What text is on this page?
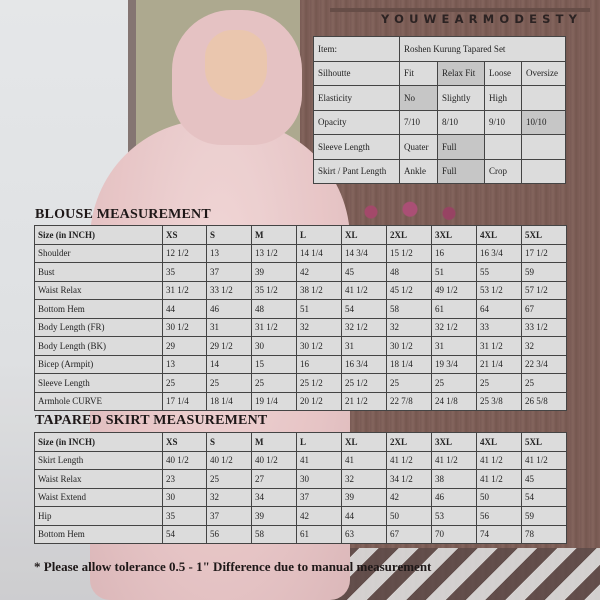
YOUWEARMODESTY
Item:	Roshen Kurung Tapared Set			
Silhoutte	Fit	Relax Fit	Loose	Oversize
Elasticity	No	Slightly	High	
Opacity	7/10	8/10	9/10	10/10
Sleeve Length	Quater	Full		
Skirt / Pant Length	Ankle	Full	Crop	
BLOUSE MEASUREMENT
Size (in INCH)	XS	S	M	L	XL	2XL	3XL	4XL	5XL
Shoulder	12 1/2	13	13 1/2	14 1/4	14 3/4	15 1/2	16	16 3/4	17 1/2
Bust	35	37	39	42	45	48	51	55	59
Waist Relax	31 1/2	33 1/2	35 1/2	38 1/2	41 1/2	45 1/2	49 1/2	53 1/2	57 1/2
Bottom Hem	44	46	48	51	54	58	61	64	67
Body Length (FR)	30 1/2	31	31 1/2	32	32 1/2	32	32 1/2	33	33 1/2
Body Length (BK)	29	29 1/2	30	30 1/2	31	30 1/2	31	31 1/2	32
Bicep (Armpit)	13	14	15	16	16 3/4	18 1/4	19 3/4	21 1/4	22 3/4
Sleeve Length	25	25	25	25 1/2	25 1/2	25	25	25	25
Armhole CURVE	17 1/4	18 1/4	19 1/4	20 1/2	21 1/2	22 7/8	24 1/8	25 3/8	26 5/8
TAPARED SKIRT MEASUREMENT
Size (in INCH)	XS	S	M	L	XL	2XL	3XL	4XL	5XL
Skirt Length	40 1/2	40 1/2	40 1/2	41	41	41 1/2	41 1/2	41 1/2	41 1/2
Waist Relax	23	25	27	30	32	34 1/2	38	41 1/2	45
Waist Extend	30	32	34	37	39	42	46	50	54
Hip	35	37	39	42	44	50	53	56	59
Bottom Hem	54	56	58	61	63	67	70	74	78
* Please allow tolerance 0.5 - 1" Difference due to manual measurement
